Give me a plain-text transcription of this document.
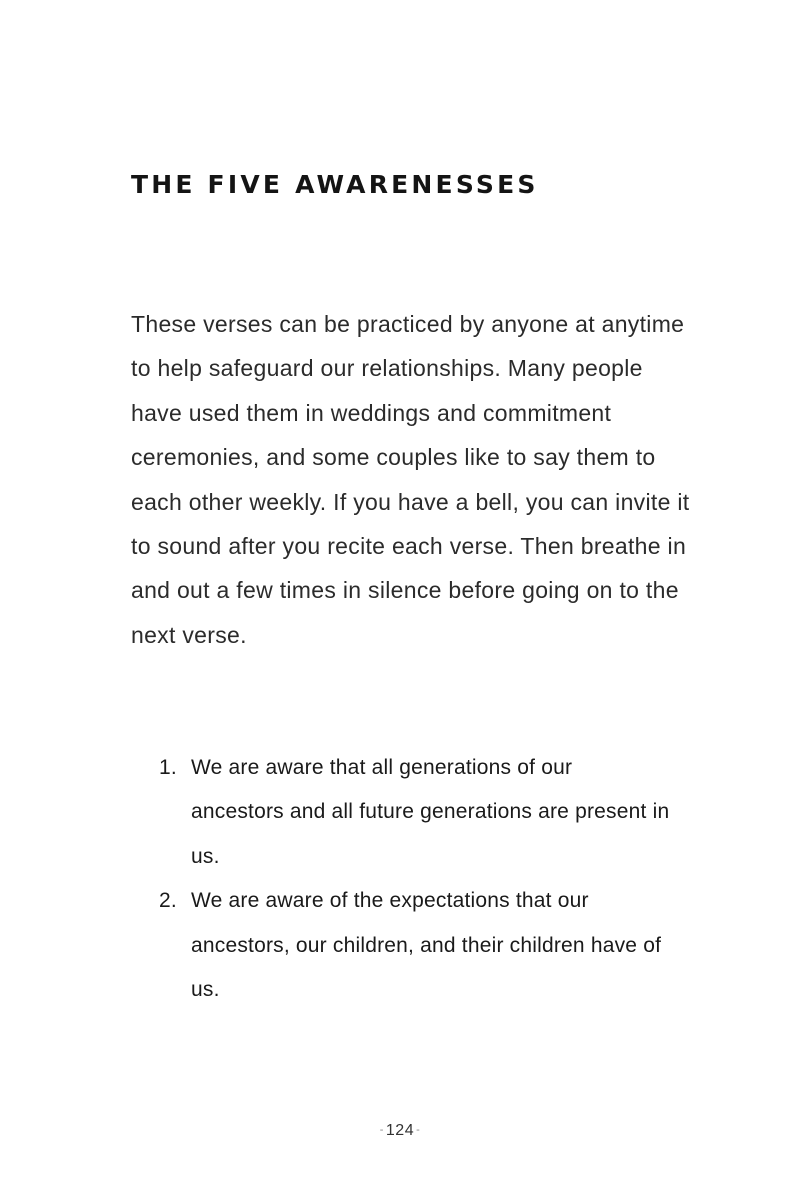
THE FIVE AWARENESSES

These verses can be practiced by anyone at anytime to help safeguard our relationships. Many people have used them in weddings and commitment ceremonies, and some couples like to say them to each other weekly. If you have a bell, you can invite it to sound after you recite each verse. Then breathe in and out a few times in silence before going on to the next verse.

1. We are aware that all generations of our ancestors and all future generations are present in us.
2. We are aware of the expectations that our ancestors, our children, and their children have of us.
- 124 -
